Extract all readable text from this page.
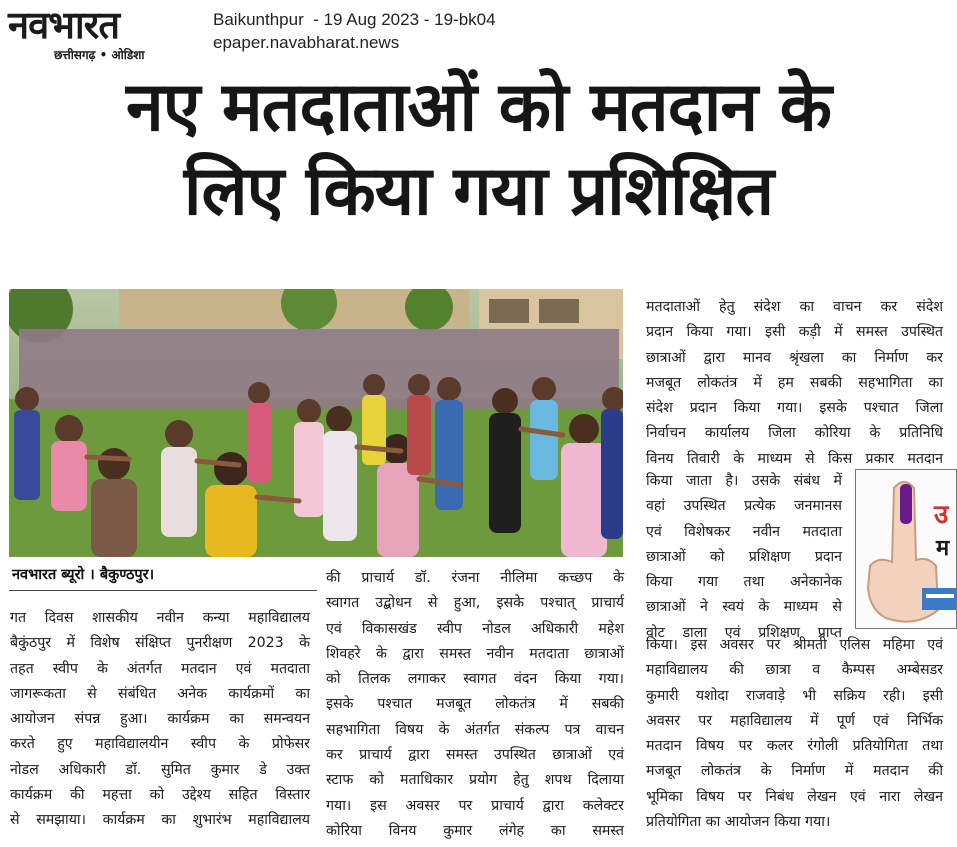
नवभारत
छत्तीसगढ़ • ओडिशा
Baikunthpur  - 19 Aug 2023 - 19-bk04
epaper.navabharat.news
नए मतदाताओं को मतदान के
लिए किया गया प्रशिक्षित
नवभारत ब्यूरो । बैकुण्ठपुर।

गत दिवस शासकीय नवीन कन्या महाविद्यालय

बैकुंठपुर में विशेष संक्षिप्त पुनरीक्षण 2023 के

तहत स्वीप के अंतर्गत मतदान एवं मतदाता

जागरूकता से संबंधित अनेक कार्यक्रमों का

आयोजन संपन्न हुआ। कार्यक्रम का समन्वयन

करते हुए महाविद्यालयीन स्वीप के प्रोफेसर

नोडल अधिकारी डॉ. सुमित कुमार डे उक्त

कार्यक्रम की महत्ता को उद्देश्य सहित विस्तार

से समझाया। कार्यक्रम का शुभारंभ महाविद्यालय

की प्राचार्य डॉ. रंजना नीलिमा कच्छप के

स्वागत उद्बोधन से हुआ, इसके पश्चात् प्राचार्य

एवं विकासखंड स्वीप नोडल अधिकारी महेश

शिवहरे के द्वारा समस्त नवीन मतदाता छात्राओं

को तिलक लगाकर स्वागत वंदन किया गया।

इसके पश्चात मजबूत लोकतंत्र में सबकी

सहभागिता विषय के अंतर्गत संकल्प पत्र वाचन

कर प्राचार्य द्वारा समस्त उपस्थित छात्राओं एवं

स्टाफ को मताधिकार प्रयोग हेतु शपथ दिलाया

गया। इस अवसर पर प्राचार्य द्वारा कलेक्टर

कोरिया विनय कुमार लंगेह का समस्त

मतदाताओं हेतु संदेश का वाचन कर संदेश

प्रदान किया गया। इसी कड़ी में समस्त उपस्थित

छात्राओं द्वारा मानव श्रृंखला का निर्माण कर

मजबूत लोकतंत्र में हम सबकी सहभागिता का

संदेश प्रदान किया गया। इसके पश्चात जिला

निर्वाचन कार्यालय जिला कोरिया के प्रतिनिधि

विनय तिवारी के माध्यम से किस प्रकार मतदान

किया जाता है। उसके संबंध में

वहां उपस्थित प्रत्येक जनमानस

एवं विशेषकर नवीन मतदाता

छात्राओं को प्रशिक्षण प्रदान

किया गया तथा अनेकानेक

छात्राओं ने स्वयं के माध्यम से

वोट डाला एवं प्रशिक्षण प्राप्त

उ
म

किया। इस अवसर पर श्रीमती एलिस महिमा एवं

महाविद्यालय की छात्रा व कैम्पस अम्बेसडर

कुमारी यशोदा राजवाड़े भी सक्रिय रही। इसी

अवसर पर महाविद्यालय में पूर्ण एवं निर्भिक

मतदान विषय पर कलर रंगोली प्रतियोगिता तथा

मजबूत लोकतंत्र के निर्माण में मतदान की

भूमिका विषय पर निबंध लेखन एवं नारा लेखन

प्रतियोगिता का आयोजन किया गया।
